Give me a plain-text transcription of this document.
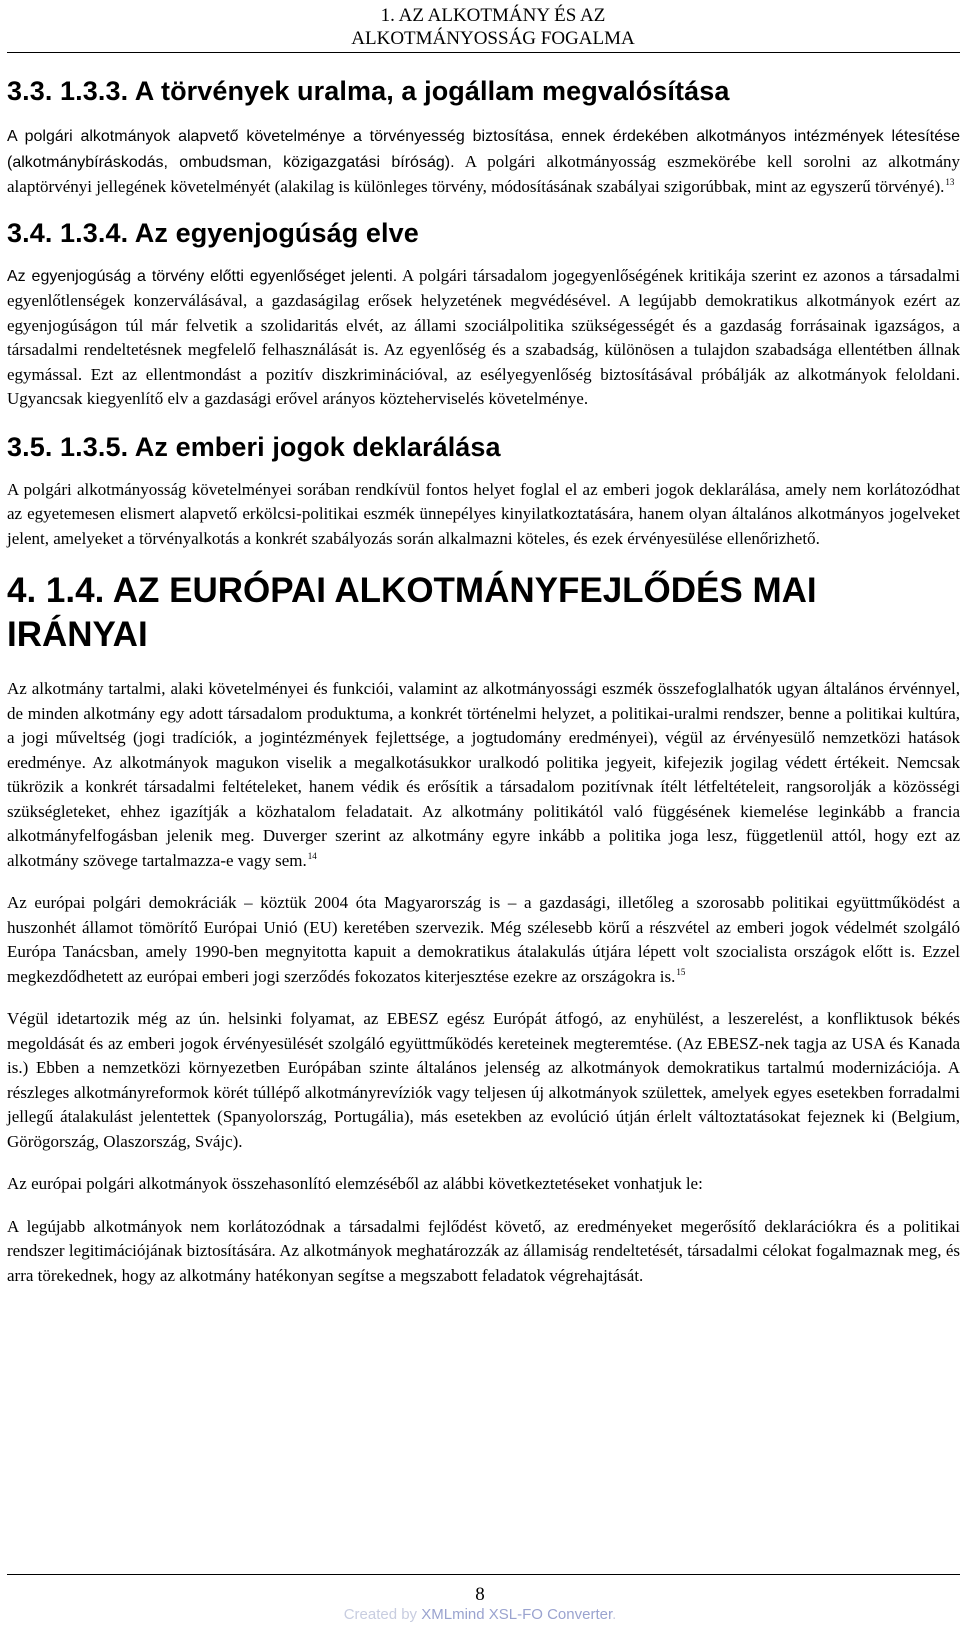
1. AZ ALKOTMÁNY ÉS AZ
ALKOTMÁNYOSSÁG FOGALMA
3.3. 1.3.3. A törvények uralma, a jogállam megvalósítása

A polgári alkotmányok alapvető követelménye a törvényesség biztosítása, ennek érdekében alkotmányos intézmények létesítése (alkotmánybíráskodás, ombudsman, közigazgatási bíróság). A polgári alkotmányosság eszmekörébe kell sorolni az alkotmány alaptörvényi jellegének követelményét (alakilag is különleges törvény, módosításának szabályai szigorúbbak, mint az egyszerű törvényé).$^{13}$

3.4. 1.3.4. Az egyenjogúság elve

Az egyenjogúság a törvény előtti egyenlőséget jelenti. A polgári társadalom jogegyenlőségének kritikája szerint ez azonos a társadalmi egyenlőtlenségek konzerválásával, a gazdaságilag erősek helyzetének megvédésével. A legújabb demokratikus alkotmányok ezért az egyenjogúságon túl már felvetik a szolidaritás elvét, az állami szociálpolitika szükségességét és a gazdaság forrásainak igazságos, a társadalmi rendeltetésnek megfelelő felhasználását is. Az egyenlőség és a szabadság, különösen a tulajdon szabadsága ellentétben állnak egymással. Ezt az ellentmondást a pozitív diszkriminációval, az esélyegyenlőség biztosításával próbálják az alkotmányok feloldani. Ugyancsak kiegyenlítő elv a gazdasági erővel arányos közteherviselés követelménye.

3.5. 1.3.5. Az emberi jogok deklarálása

A polgári alkotmányosság követelményei sorában rendkívül fontos helyet foglal el az emberi jogok deklarálása, amely nem korlátozódhat az egyetemesen elismert alapvető erkölcsi-politikai eszmék ünnepélyes kinyilatkoztatására, hanem olyan általános alkotmányos jogelveket jelent, amelyeket a törvényalkotás a konkrét szabályozás során alkalmazni köteles, és ezek érvényesülése ellenőrizhető.

4. 1.4. AZ EURÓPAI ALKOTMÁNYFEJLŐDÉS MAI IRÁNYAI

Az alkotmány tartalmi, alaki követelményei és funkciói, valamint az alkotmányossági eszmék összefoglalhatók ugyan általános érvénnyel, de minden alkotmány egy adott társadalom produktuma, a konkrét történelmi helyzet, a politikai-uralmi rendszer, benne a politikai kultúra, a jogi műveltség (jogi tradíciók, a jogintézmények fejlettsége, a jogtudomány eredményei), végül az érvényesülő nemzetközi hatások eredménye. Az alkotmányok magukon viselik a megalkotásukkor uralkodó politika jegyeit, kifejezik jogilag védett értékeit. Nemcsak tükrözik a konkrét társadalmi feltételeket, hanem védik és erősítik a társadalom pozitívnak ítélt létfeltételeit, rangsorolják a közösségi szükségleteket, ehhez igazítják a közhatalom feladatait. Az alkotmány politikától való függésének kiemelése leginkább a francia alkotmányfelfogásban jelenik meg. Duverger szerint az alkotmány egyre inkább a politika joga lesz, függetlenül attól, hogy ezt az alkotmány szövege tartalmazza-e vagy sem.$^{14}$

Az európai polgári demokráciák – köztük 2004 óta Magyarország is – a gazdasági, illetőleg a szorosabb politikai együttműködést a huszonhét államot tömörítő Európai Unió (EU) keretében szervezik. Még szélesebb körű a részvétel az emberi jogok védelmét szolgáló Európa Tanácsban, amely 1990-ben megnyitotta kapuit a demokratikus átalakulás útjára lépett volt szocialista országok előtt is. Ezzel megkezdődhetett az európai emberi jogi szerződés fokozatos kiterjesztése ezekre az országokra is.$^{15}$

Végül idetartozik még az ún. helsinki folyamat, az EBESZ egész Európát átfogó, az enyhülést, a leszerelést, a konfliktusok békés megoldását és az emberi jogok érvényesülését szolgáló együttműködés kereteinek megteremtése. (Az EBESZ-nek tagja az USA és Kanada is.) Ebben a nemzetközi környezetben Európában szinte általános jelenség az alkotmányok demokratikus tartalmú modernizációja. A részleges alkotmányreformok körét túllépő alkotmányrevíziók vagy teljesen új alkotmányok születtek, amelyek egyes esetekben forradalmi jellegű átalakulást jelentettek (Spanyolország, Portugália), más esetekben az evolúció útján érlelt változtatásokat fejeznek ki (Belgium, Görögország, Olaszország, Svájc).

Az európai polgári alkotmányok összehasonlító elemzéséből az alábbi következtetéseket vonhatjuk le:

A legújabb alkotmányok nem korlátozódnak a társadalmi fejlődést követő, az eredményeket megerősítő deklarációkra és a politikai rendszer legitimációjának biztosítására. Az alkotmányok meghatározzák az államiság rendeltetését, társadalmi célokat fogalmaznak meg, és arra törekednek, hogy az alkotmány hatékonyan segítse a megszabott feladatok végrehajtását.

8
Created by XMLmind XSL-FO Converter.
